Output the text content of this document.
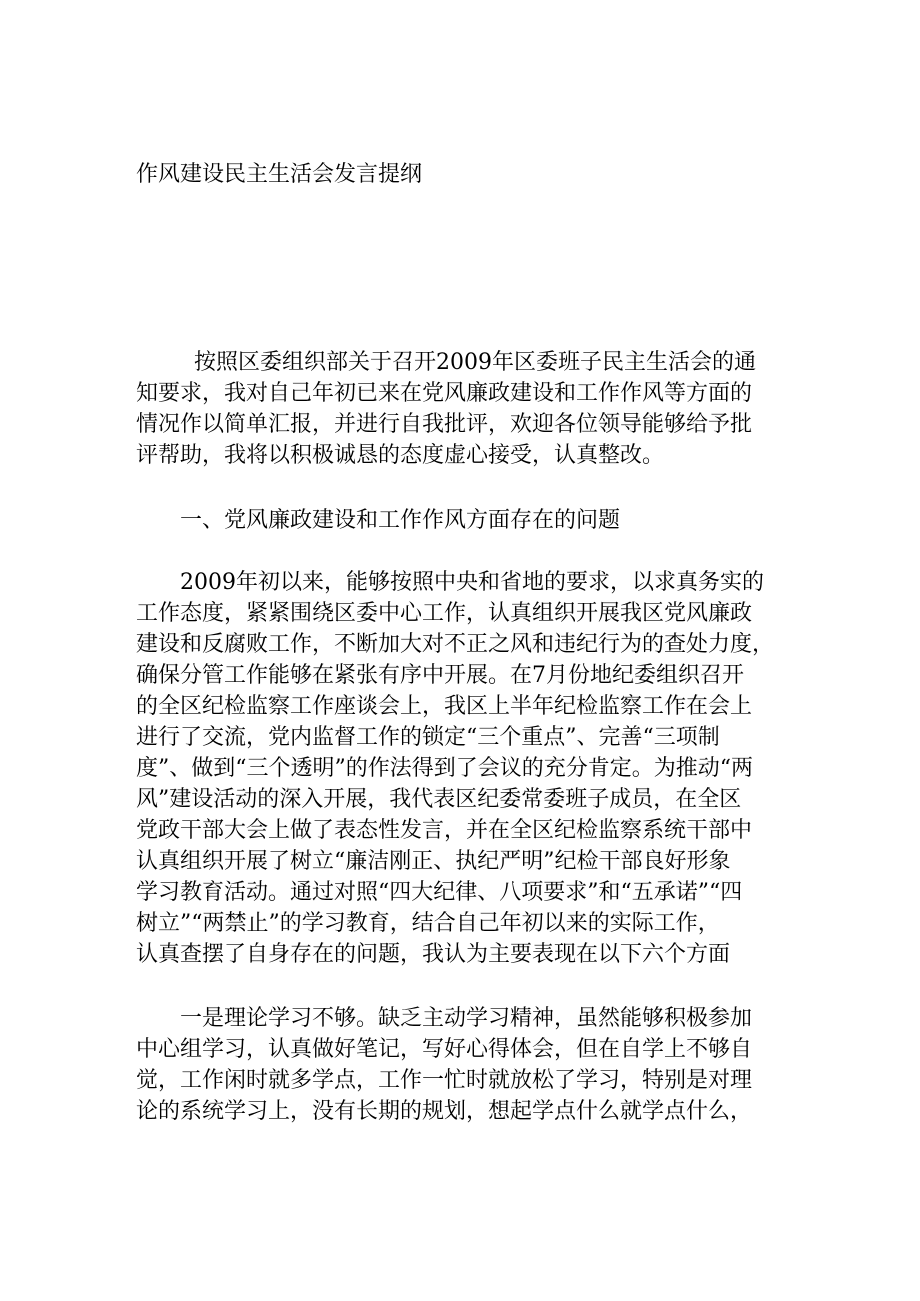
作风建设民主生活会发言提纲

按照区委组织部关于召开2009年区委班子民主生活会的通

知要求，我对自己年初已来在党风廉政建设和工作作风等方面的

情况作以简单汇报，并进行自我批评，欢迎各位领导能够给予批

评帮助，我将以积极诚恳的态度虚心接受，认真整改。

一、党风廉政建设和工作作风方面存在的问题

2009年初以来，能够按照中央和省地的要求，以求真务实的

工作态度，紧紧围绕区委中心工作，认真组织开展我区党风廉政

建设和反腐败工作，不断加大对不正之风和违纪行为的查处力度，

确保分管工作能够在紧张有序中开展。在7月份地纪委组织召开

的全区纪检监察工作座谈会上，我区上半年纪检监察工作在会上

进行了交流，党内监督工作的锁定“三个重点”、完善“三项制

度”、做到“三个透明”的作法得到了会议的充分肯定。为推动“两

风”建设活动的深入开展，我代表区纪委常委班子成员，在全区

党政干部大会上做了表态性发言，并在全区纪检监察系统干部中

认真组织开展了树立“廉洁刚正、执纪严明”纪检干部良好形象

学习教育活动。通过对照“四大纪律、八项要求”和“五承诺”“四

树立”“两禁止”的学习教育，结合自己年初以来的实际工作，

认真查摆了自身存在的问题，我认为主要表现在以下六个方面

一是理论学习不够。缺乏主动学习精神，虽然能够积极参加

中心组学习，认真做好笔记，写好心得体会，但在自学上不够自

觉，工作闲时就多学点，工作一忙时就放松了学习，特别是对理

论的系统学习上，没有长期的规划，想起学点什么就学点什么，
